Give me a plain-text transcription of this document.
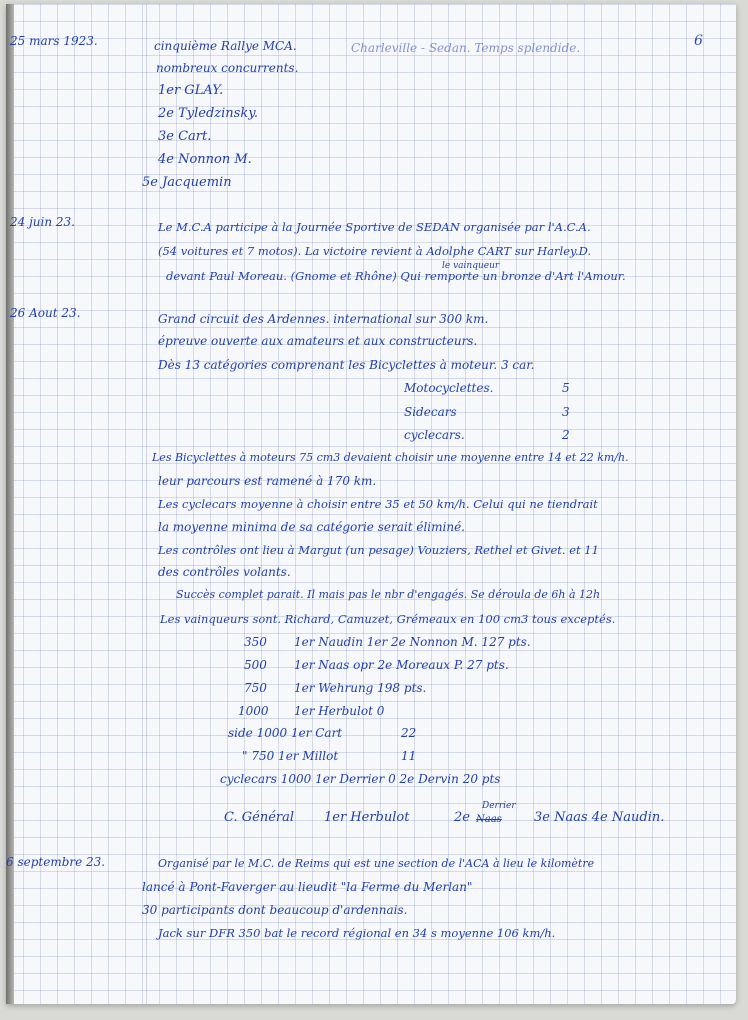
6
25 mars 1923.	cinquième Rallye MCA.	Charleville - Sedan. Temps splendide.
nombreux concurrents.
1er GLAY.
2e Tyledzinsky.
3e Cart.
4e Nonnon M.
5e Jacquemin
24 juin 23.	Le M.C.A participe à la Journée Sportive de SEDAN organisée par l'A.C.A.
(54 voitures et 7 motos). La victoire revient à Adolphe CART sur Harley.D.
le vainqueur
devant Paul Moreau. (Gnome et Rhône) Qui remporte un bronze d'Art l'Amour.
26 Aout 23.	Grand circuit des Ardennes. international sur 300 km.
épreuve ouverte aux amateurs et aux constructeurs.
Dès 13 catégories comprenant les Bicyclettes à moteur. 3 car.
Motocyclettes.	5
Sidecars	3
cyclecars.	2
Les Bicyclettes à moteurs 75 cm3 devaient choisir une moyenne entre 14 et 22 km/h.
leur parcours est ramené à 170 km.
Les cyclecars moyenne à choisir entre 35 et 50 km/h. Celui qui ne tiendrait
la moyenne minima de sa catégorie serait éliminé.
Les contrôles ont lieu à Margut (un pesage) Vouziers, Rethel et Givet. et 11
des contrôles volants.
Succès complet parait. Il mais pas le nbr d'engagés. Se déroula de 6h à 12h
Les vainqueurs sont. Richard, Camuzet, Grémeaux en 100 cm3 tous exceptés.
350 1er Naudin 1er 2e Nonnon M. 127 pts.
500 1er Naas opr 2e Moreaux P. 27 pts.
750 1er Wehrung 198 pts.
1000 1er Herbulot 0
side 1000 1er Cart	22
" 750 1er Millot	11
cyclecars 1000 1er Derrier 0 2e Dervin 20 pts
C. Général 1er Herbulot	2e
Derrier
Naas 3e Naas 4e Naudin.
6 septembre 23.	Organisé par le M.C. de Reims qui est une section de l'ACA à lieu le kilomètre
lancé à Pont-Faverger au lieudit "la Ferme du Merlan"
30 participants dont beaucoup d'ardennais.
Jack sur DFR 350 bat le record régional en 34 s moyenne 106 km/h.
